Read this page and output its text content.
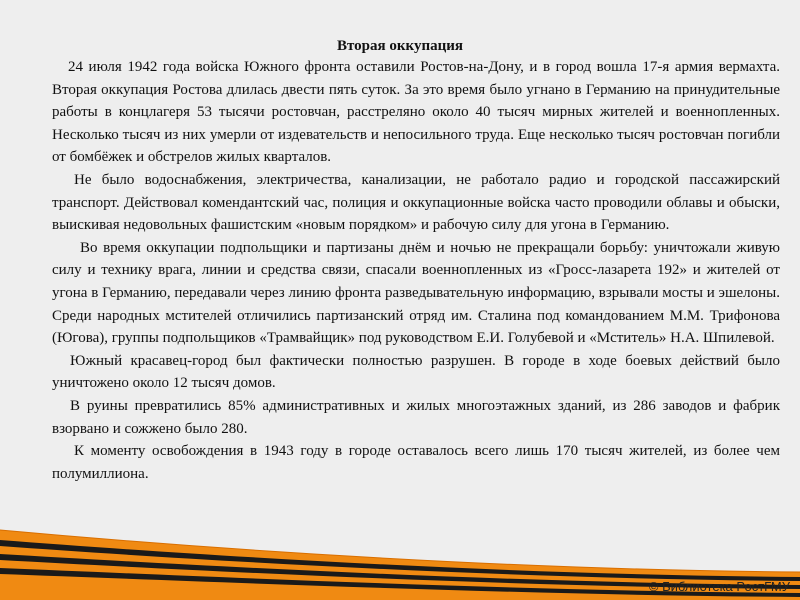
Вторая оккупация

24 июля 1942 года войска Южного фронта оставили Ростов-на-Дону, и в город вошла 17-я армия вермахта. Вторая оккупация Ростова длилась двести пять суток. За это время было угнано в Германию на принудительные работы в концлагеря 53 тысячи ростовчан, расстреляно около 40 тысяч мирных жителей и военнопленных. Несколько тысяч из них умерли от издевательств и непосильного труда. Еще несколько тысяч ростовчан погибли от бомбёжек и обстрелов жилых кварталов.

Не было водоснабжения, электричества, канализации, не работало радио и городской пассажирский транспорт. Действовал комендантский час, полиция и оккупационные войска часто проводили облавы и обыски, выискивая недовольных фашистским «новым порядком» и рабочую силу для угона в Германию.

Во время оккупации подпольщики и партизаны днём и ночью не прекращали борьбу: уничтожали живую силу и технику врага, линии и средства связи, спасали военнопленных из «Гросс-лазарета 192» и жителей от угона в Германию, передавали через линию фронта разведывательную информацию, взрывали мосты и эшелоны. Среди народных мстителей отличились партизанский отряд им. Сталина под командованием М.М. Трифонова (Югова), группы подпольщиков «Трамвайщик» под руководством Е.И. Голубевой и «Мститель» Н.А. Шпилевой.

Южный красавец-город был фактически полностью разрушен. В городе в ходе боевых действий было уничтожено около 12 тысяч домов.

В руины превратились 85% административных и жилых многоэтажных зданий, из 286 заводов и фабрик взорвано и сожжено было 280.

К моменту освобождения в 1943 году в городе оставалось всего лишь 170 тысяч жителей, из более чем полумиллиона.

© Библиотека РостГМУ
